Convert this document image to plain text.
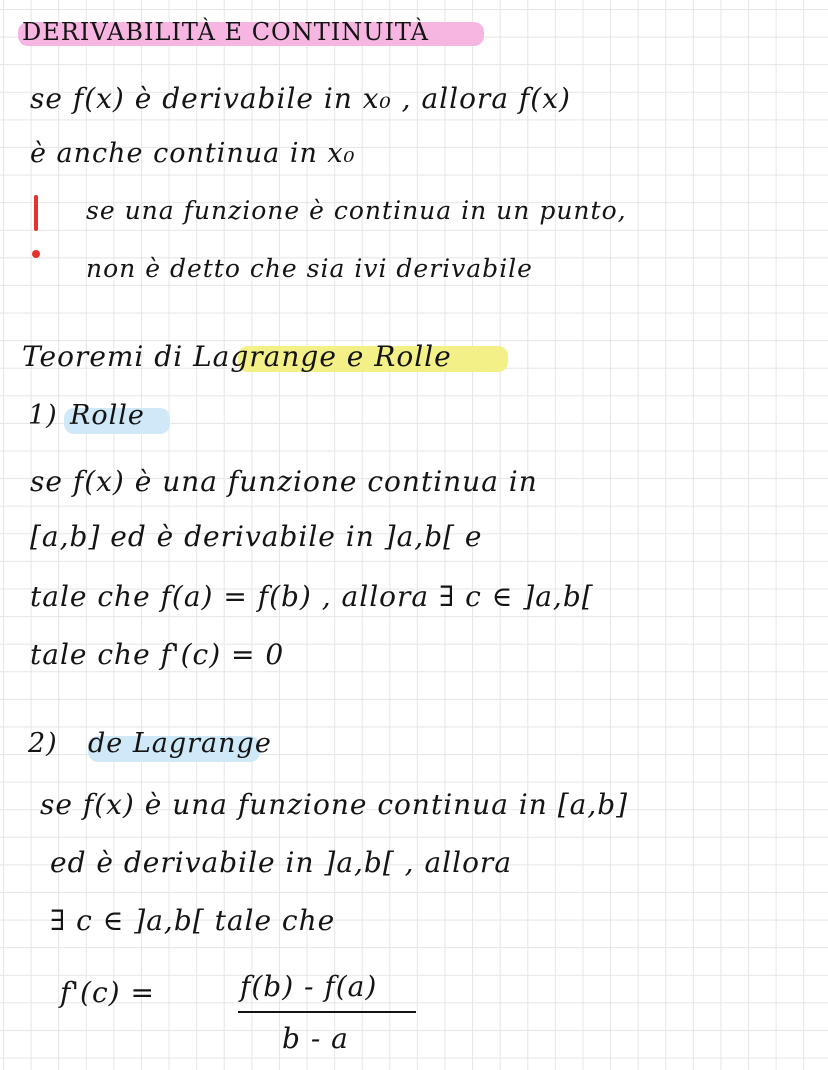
DERIVABILITÀ E CONTINUITÀ
se f(x) è derivabile in x₀ , allora f(x)
è anche continua in x₀
se una funzione è continua in un punto,
non è detto che sia ivi derivabile
Teoremi di Lagrange e Rolle
1) Rolle
se f(x) è una funzione continua in
[a,b] ed è derivabile in ]a,b[ e
tale che f(a) = f(b) , allora ∃ c ∈ ]a,b[
tale che f'(c) = 0
2) de Lagrange
se f(x) è una funzione continua in [a,b]
ed è derivabile in ]a,b[ , allora
∃ c ∈ ]a,b[ tale che
f'(c) =	f(b) - f(a)
b - a
